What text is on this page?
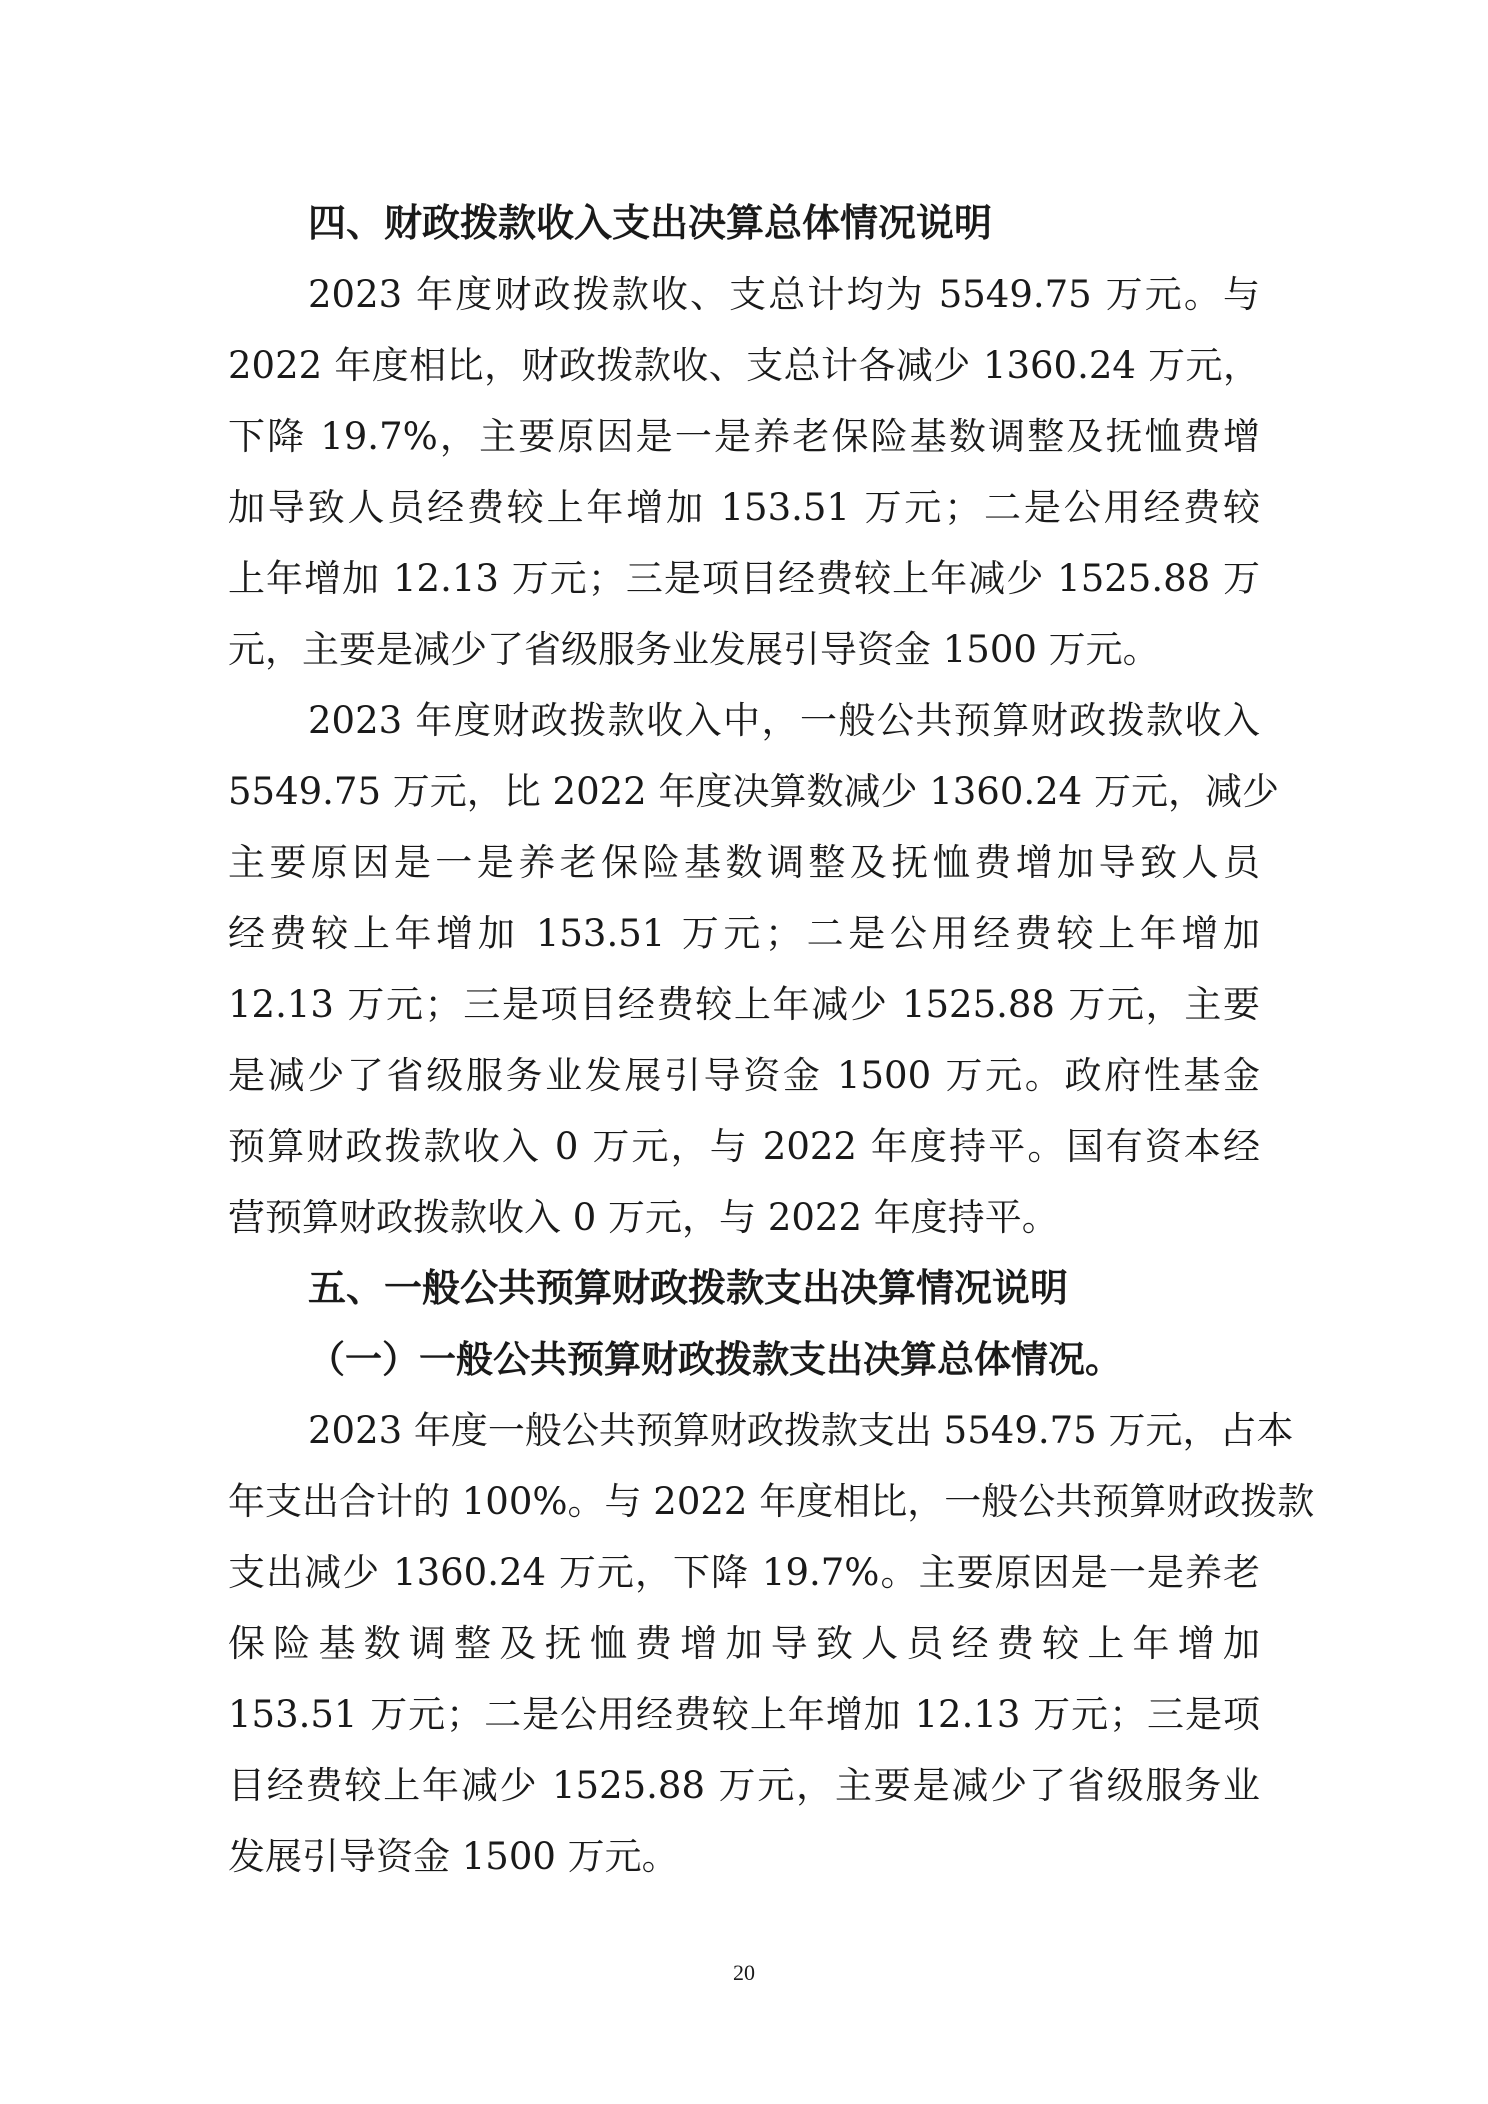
四、财政拨款收入支出决算总体情况说明
2023 年度财政拨款收、支总计均为 5549.75 万元。与
2022 年度相比，财政拨款收、支总计各减少 1360.24 万元，
下降 19.7%，主要原因是一是养老保险基数调整及抚恤费增
加导致人员经费较上年增加 153.51 万元；二是公用经费较
上年增加 12.13 万元；三是项目经费较上年减少 1525.88 万
元，主要是减少了省级服务业发展引导资金 1500 万元。
2023 年度财政拨款收入中，一般公共预算财政拨款收入
5549.75 万元，比 2022 年度决算数减少 1360.24 万元，减少
主要原因是一是养老保险基数调整及抚恤费增加导致人员
经费较上年增加 153.51 万元；二是公用经费较上年增加
12.13 万元；三是项目经费较上年减少 1525.88 万元，主要
是减少了省级服务业发展引导资金 1500 万元。政府性基金
预算财政拨款收入 0 万元，与 2022 年度持平。国有资本经
营预算财政拨款收入 0 万元，与 2022 年度持平。
五、一般公共预算财政拨款支出决算情况说明
（一）一般公共预算财政拨款支出决算总体情况。
2023 年度一般公共预算财政拨款支出 5549.75 万元，占本
年支出合计的 100%。与 2022 年度相比，一般公共预算财政拨款
支出减少 1360.24 万元，下降 19.7%。主要原因是一是养老
保险基数调整及抚恤费增加导致人员经费较上年增加
153.51 万元；二是公用经费较上年增加 12.13 万元；三是项
目经费较上年减少 1525.88 万元，主要是减少了省级服务业
发展引导资金 1500 万元。
20
